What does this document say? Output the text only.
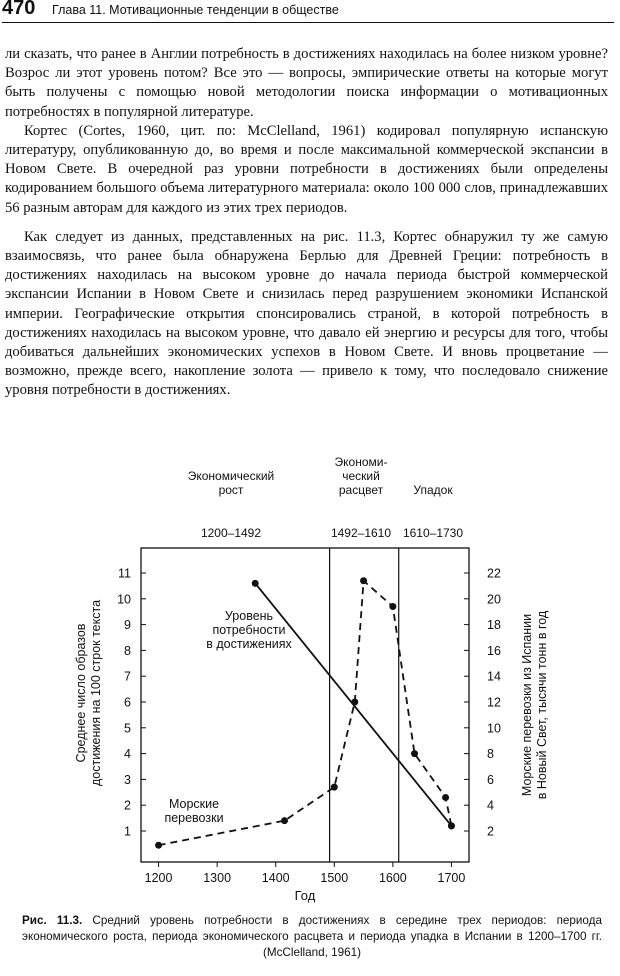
470 Глава 11. Мотивационные тенденции в обществе

ли сказать, что ранее в Англии потребность в достижениях находилась на более низком уровне? Возрос ли этот уровень потом? Все это — вопросы, эмпирические ответы на которые могут быть получены с помощью новой методологии поиска информации о мотивационных потребностях в популярной литературе.

Кортес (Cortes, 1960, цит. по: McClelland, 1961) кодировал популярную испанскую литературу, опубликованную до, во время и после максимальной коммерческой экспансии в Новом Свете. В очередной раз уровни потребности в достижениях были определены кодированием большого объема литературного материала: около 100 000 слов, принадлежавших 56 разным авторам для каждого из этих трех периодов.

Как следует из данных, представленных на рис. 11.3, Кортес обнаружил ту же самую взаимосвязь, что ранее была обнаружена Берлью для Древней Греции: потребность в достижениях находилась на высоком уровне до начала периода быстрой коммерческой экспансии Испании в Новом Свете и снизилась перед разрушением экономики Испанской империи. Географические открытия спонсировались страной, в которой потребность в достижениях находилась на высоком уровне, что давало ей энергию и ресурсы для того, чтобы добиваться дальнейших экономических успехов в Новом Свете. И вновь процветание — возможно, прежде всего, накопление золота — привело к тому, что последовало снижение уровня потребности в достижениях.

Экономический
рост
1200–1492
Экономи-
ческий
расцвет
1492–1610
Упадок
1610–1730
1
2
3
4
5
6
7
8
9
10
11
2
4
6
8
10
12
14
16
18
20
22
1200 1300 1400 1500 1600 1700
Год
Среднее число образов достижения на 100 строк текста	Морские перевозки из Испании в Новый Свет, тысячи тонн в год
Уровень
потребности
в достижениях
Морские
перевозки
Рис. 11.3. Средний уровень потребности в достижениях в середине трех периодов: периода экономического роста, периода экономического расцвета и периода упадка в Испании в 1200–1700 гг. (McClelland, 1961)
